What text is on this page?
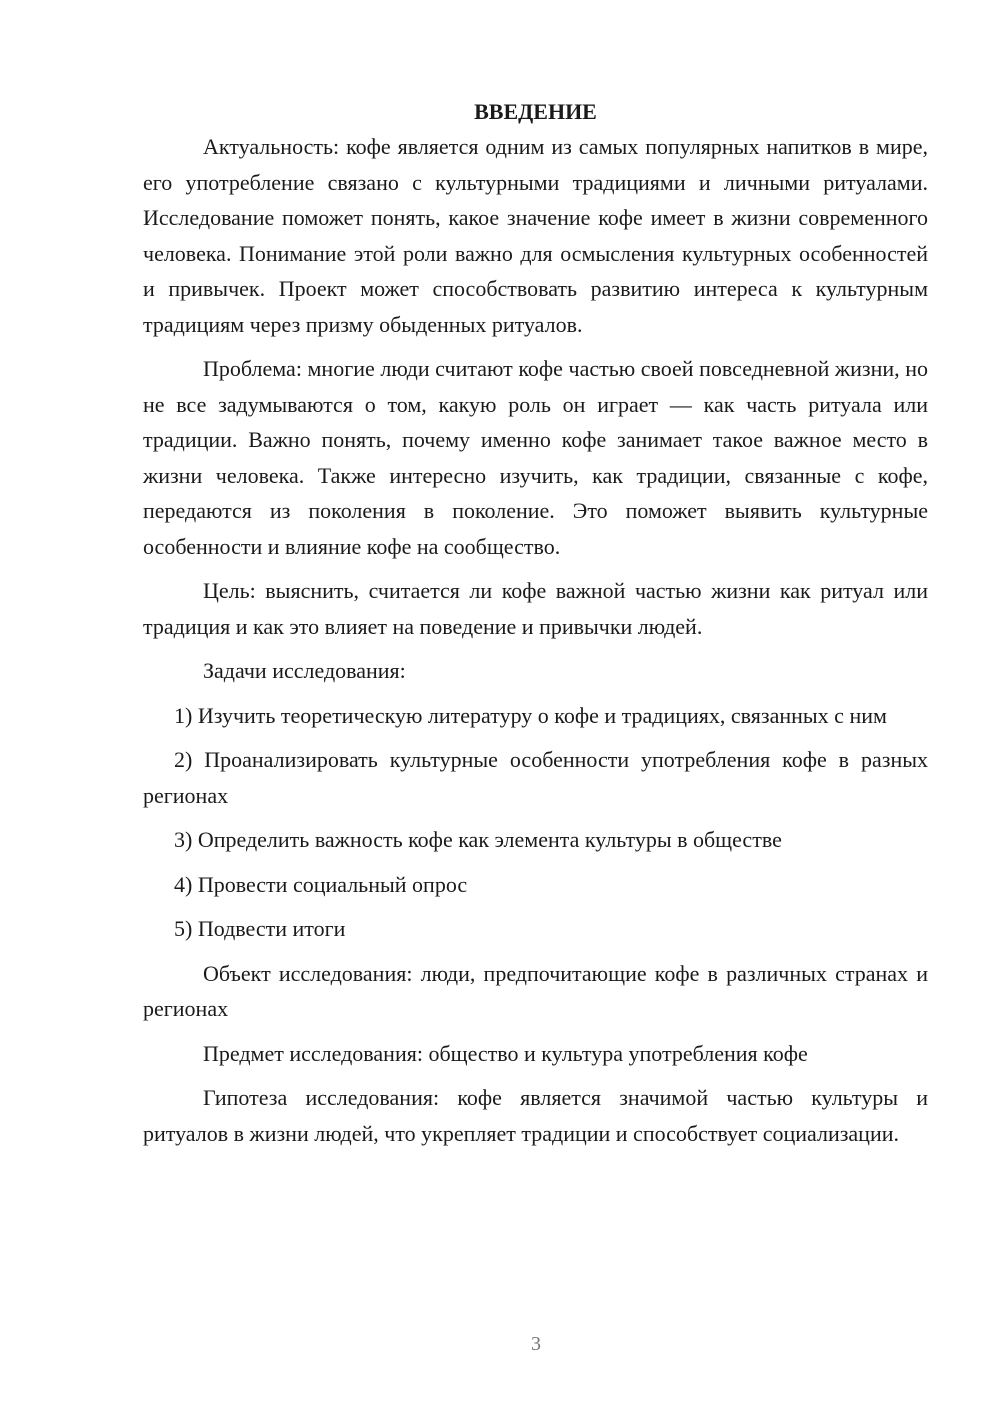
ВВЕДЕНИЕ

Актуальность: кофе является одним из самых популярных напитков в мире, его употребление связано с культурными традициями и личными ритуалами. Исследование поможет понять, какое значение кофе имеет в жизни современного человека. Понимание этой роли важно для осмысления культурных особенностей и привычек. Проект может способствовать развитию интереса к культурным традициям через призму обыденных ритуалов.

Проблема: многие люди считают кофе частью своей повседневной жизни, но не все задумываются о том, какую роль он играет — как часть ритуала или традиции. Важно понять, почему именно кофе занимает такое важное место в жизни человека. Также интересно изучить, как традиции, связанные с кофе, передаются из поколения в поколение. Это поможет выявить культурные особенности и влияние кофе на сообщество.

Цель: выяснить, считается ли кофе важной частью жизни как ритуал или традиция и как это влияет на поведение и привычки людей.

Задачи исследования:

1) Изучить теоретическую литературу о кофе и традициях, связанных с ним

2) Проанализировать культурные особенности употребления кофе в разных регионах

3) Определить важность кофе как элемента культуры в обществе

4) Провести социальный опрос

5) Подвести итоги

Объект исследования: люди, предпочитающие кофе в различных странах и регионах

Предмет исследования: общество и культура употребления кофе

Гипотеза исследования: кофе является значимой частью культуры и ритуалов в жизни людей, что укрепляет традиции и способствует социализации.

3
